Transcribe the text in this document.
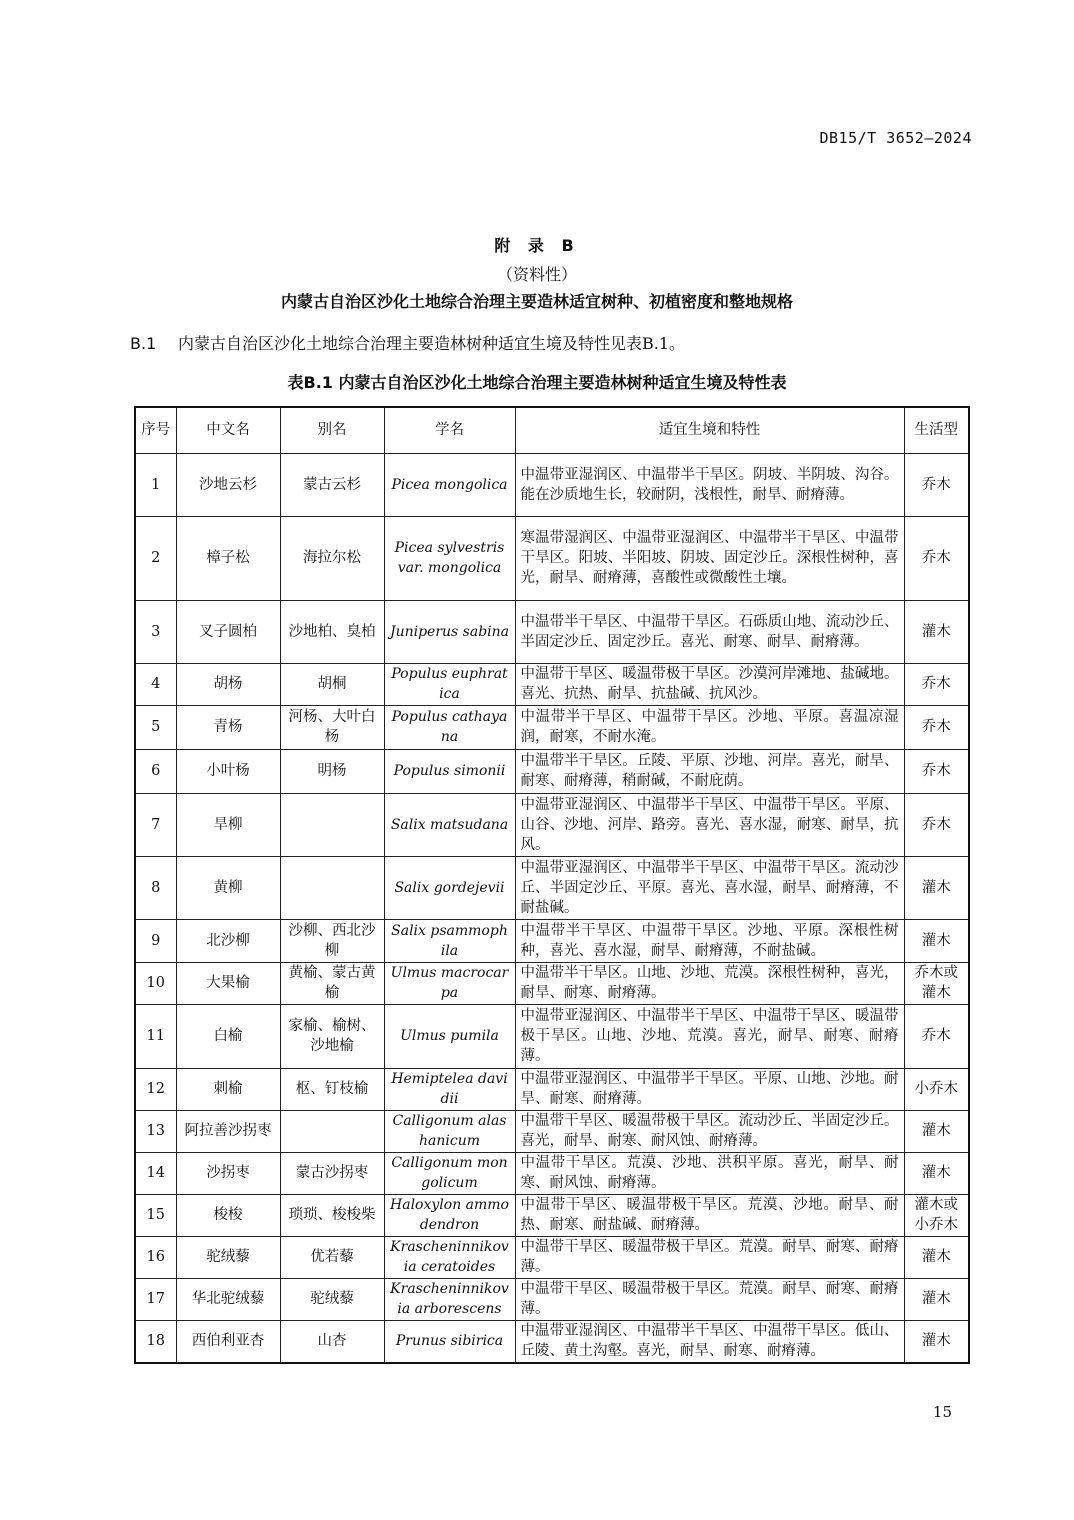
DB15/T 3652—2024
附 录 B
（资料性）
内蒙古自治区沙化土地综合治理主要造林适宜树种、初植密度和整地规格
B.1 内蒙古自治区沙化土地综合治理主要造林树种适宜生境及特性见表B.1。
表B.1 内蒙古自治区沙化土地综合治理主要造林树种适宜生境及特性表
序号	中文名	别名	学名	适宜生境和特性	生活型
1	沙地云杉	蒙古云杉	Picea mongolica	中温带亚湿润区、中温带半干旱区。阴坡、半阴坡、沟谷。能在沙质地生长，较耐阴，浅根性，耐旱、耐瘠薄。	乔木
2	樟子松	海拉尔松	Picea sylvestris var. mongolica	寒温带湿润区、中温带亚湿润区、中温带半干旱区、中温带干旱区。阳坡、半阳坡、阴坡、固定沙丘。深根性树种，喜光，耐旱、耐瘠薄，喜酸性或微酸性土壤。	乔木
3	叉子圆柏	沙地柏、臭柏	Juniperus sabina	中温带半干旱区、中温带干旱区。石砾质山地、流动沙丘、半固定沙丘、固定沙丘。喜光、耐寒、耐旱、耐瘠薄。	灌木
4	胡杨	胡桐	Populus euphratica	中温带干旱区、暖温带极干旱区。沙漠河岸滩地、盐碱地。喜光、抗热、耐旱、抗盐碱、抗风沙。	乔木
5	青杨	河杨、大叶白杨	Populus cathayana	中温带半干旱区、中温带干旱区。沙地、平原。喜温凉湿润，耐寒，不耐水淹。	乔木
6	小叶杨	明杨	Populus simonii	中温带半干旱区。丘陵、平原、沙地、河岸。喜光，耐旱、耐寒、耐瘠薄，稍耐碱，不耐庇荫。	乔木
7	旱柳		Salix matsudana	中温带亚湿润区、中温带半干旱区、中温带干旱区。平原、山谷、沙地、河岸、路旁。喜光、喜水湿，耐寒、耐旱，抗风。	乔木
8	黄柳		Salix gordejevii	中温带亚湿润区、中温带半干旱区、中温带干旱区。流动沙丘、半固定沙丘、平原。喜光、喜水湿，耐旱、耐瘠薄，不耐盐碱。	灌木
9	北沙柳	沙柳、西北沙柳	Salix psammophila	中温带半干旱区、中温带干旱区。沙地、平原。深根性树种，喜光、喜水湿，耐旱、耐瘠薄，不耐盐碱。	灌木
10	大果榆	黄榆、蒙古黄榆	Ulmus macrocarpa	中温带半干旱区。山地、沙地、荒漠。深根性树种，喜光，耐旱、耐寒、耐瘠薄。	乔木或灌木
11	白榆	家榆、榆树、沙地榆	Ulmus pumila	中温带亚湿润区、中温带半干旱区、中温带干旱区、暖温带极干旱区。山地、沙地、荒漠。喜光，耐旱、耐寒、耐瘠薄。	乔木
12	刺榆	枢、钉枝榆	Hemiptelea davidii	中温带亚湿润区、中温带半干旱区。平原、山地、沙地。耐旱、耐寒、耐瘠薄。	小乔木
13	阿拉善沙拐枣		Calligonum alashanicum	中温带干旱区、暖温带极干旱区。流动沙丘、半固定沙丘。喜光，耐旱、耐寒、耐风蚀、耐瘠薄。	灌木
14	沙拐枣	蒙古沙拐枣	Calligonum mongolicum	中温带干旱区。荒漠、沙地、洪积平原。喜光，耐旱、耐寒、耐风蚀、耐瘠薄。	灌木
15	梭梭	琐琐、梭梭柴	Haloxylon ammodendron	中温带干旱区、暖温带极干旱区。荒漠、沙地。耐旱、耐热、耐寒、耐盐碱、耐瘠薄。	灌木或小乔木
16	驼绒藜	优若藜	Krascheninnikovia ceratoides	中温带干旱区、暖温带极干旱区。荒漠。耐旱、耐寒、耐瘠薄。	灌木
17	华北驼绒藜	驼绒藜	Krascheninnikovia arborescens	中温带干旱区、暖温带极干旱区。荒漠。耐旱、耐寒、耐瘠薄。	灌木
18	西伯利亚杏	山杏	Prunus sibirica	中温带亚湿润区、中温带半干旱区、中温带干旱区。低山、丘陵、黄土沟壑。喜光，耐旱、耐寒、耐瘠薄。	灌木
15
